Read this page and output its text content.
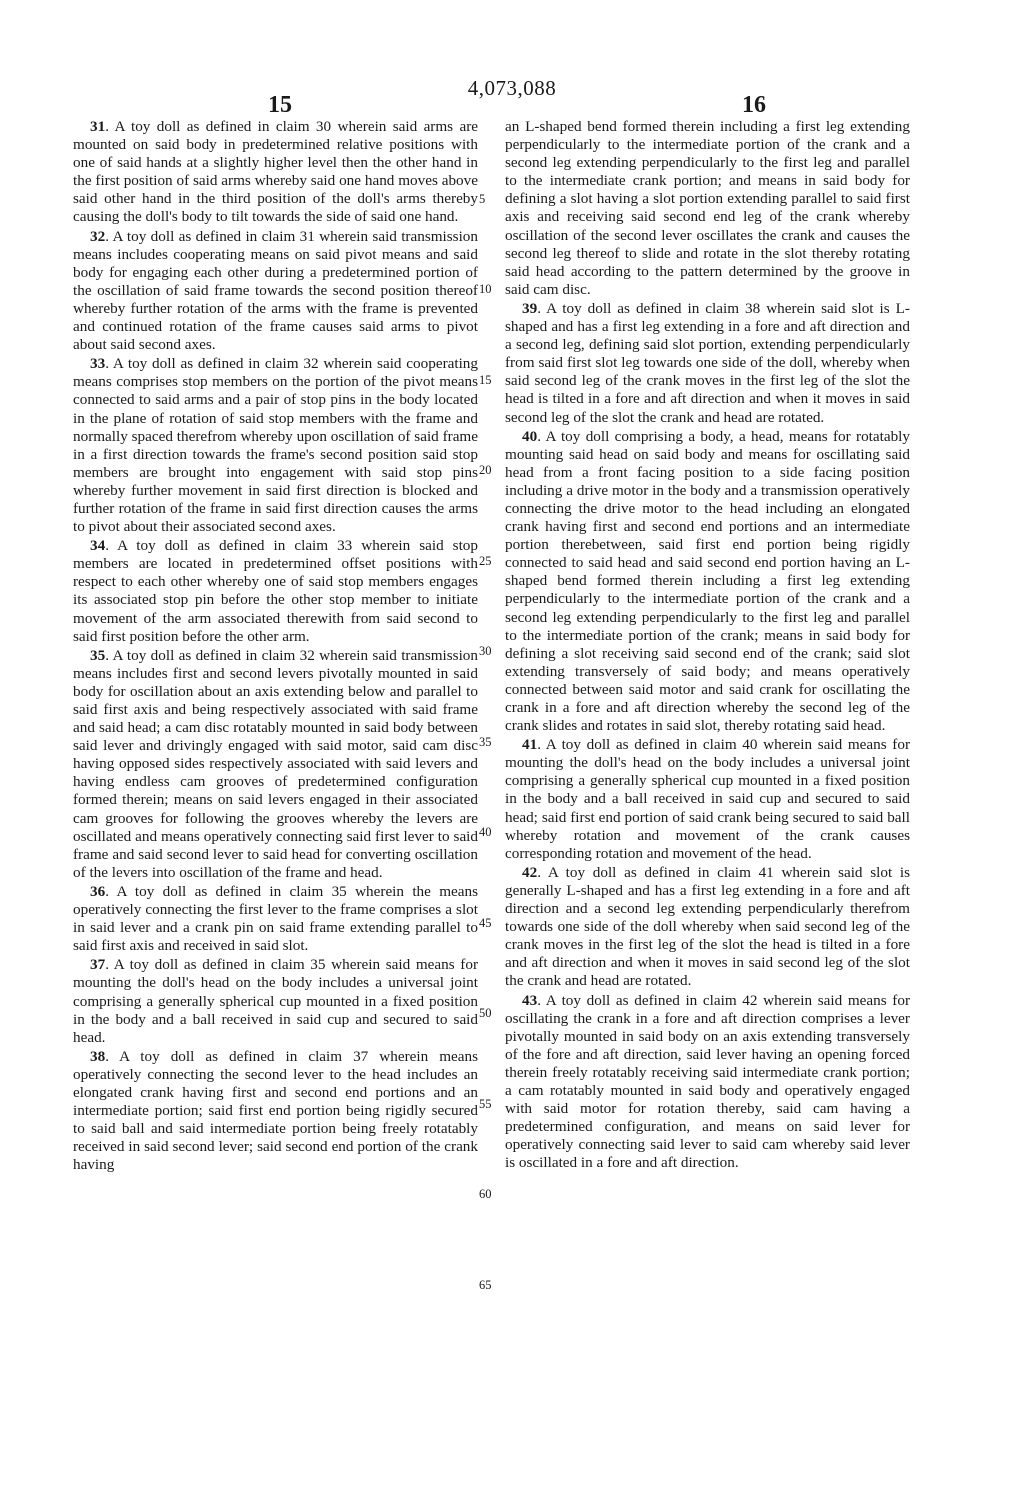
4,073,088
15	16

31. A toy doll as defined in claim 30 wherein said arms are mounted on said body in predetermined relative positions with one of said hands at a slightly higher level then the other hand in the first position of said arms whereby said one hand moves above said other hand in the third position of the doll's arms thereby causing the doll's body to tilt towards the side of said one hand.

32. A toy doll as defined in claim 31 wherein said transmission means includes cooperating means on said pivot means and said body for engaging each other during a predetermined portion of the oscillation of said frame towards the second position thereof whereby further rotation of the arms with the frame is prevented and continued rotation of the frame causes said arms to pivot about said second axes.

33. A toy doll as defined in claim 32 wherein said cooperating means comprises stop members on the portion of the pivot means connected to said arms and a pair of stop pins in the body located in the plane of rotation of said stop members with the frame and normally spaced therefrom whereby upon oscillation of said frame in a first direction towards the frame's second position said stop members are brought into engagement with said stop pins whereby further movement in said first direction is blocked and further rotation of the frame in said first direction causes the arms to pivot about their associated second axes.

34. A toy doll as defined in claim 33 wherein said stop members are located in predetermined offset positions with respect to each other whereby one of said stop members engages its associated stop pin before the other stop member to initiate movement of the arm associated therewith from said second to said first position before the other arm.

35. A toy doll as defined in claim 32 wherein said transmission means includes first and second levers pivotally mounted in said body for oscillation about an axis extending below and parallel to said first axis and being respectively associated with said frame and said head; a cam disc rotatably mounted in said body between said lever and drivingly engaged with said motor, said cam disc having opposed sides respectively associated with said levers and having endless cam grooves of predetermined configuration formed therein; means on said levers engaged in their associated cam grooves for following the grooves whereby the levers are oscillated and means operatively connecting said first lever to said frame and said second lever to said head for converting oscillation of the levers into oscillation of the frame and head.

36. A toy doll as defined in claim 35 wherein the means operatively connecting the first lever to the frame comprises a slot in said lever and a crank pin on said frame extending parallel to said first axis and received in said slot.

37. A toy doll as defined in claim 35 wherein said means for mounting the doll's head on the body includes a universal joint comprising a generally spherical cup mounted in a fixed position in the body and a ball received in said cup and secured to said head.

38. A toy doll as defined in claim 37 wherein means operatively connecting the second lever to the head includes an elongated crank having first and second end portions and an intermediate portion; said first end portion being rigidly secured to said ball and said intermediate portion being freely rotatably received in said second lever; said second end portion of the crank having

5
10
15
20
25
30
35
40
45
50
55
60
65

an L-shaped bend formed therein including a first leg extending perpendicularly to the intermediate portion of the crank and a second leg extending perpendicularly to the first leg and parallel to the intermediate crank portion; and means in said body for defining a slot having a slot portion extending parallel to said first axis and receiving said second end leg of the crank whereby oscillation of the second lever oscillates the crank and causes the second leg thereof to slide and rotate in the slot thereby rotating said head according to the pattern determined by the groove in said cam disc.

39. A toy doll as defined in claim 38 wherein said slot is L-shaped and has a first leg extending in a fore and aft direction and a second leg, defining said slot portion, extending perpendicularly from said first slot leg towards one side of the doll, whereby when said second leg of the crank moves in the first leg of the slot the head is tilted in a fore and aft direction and when it moves in said second leg of the slot the crank and head are rotated.

40. A toy doll comprising a body, a head, means for rotatably mounting said head on said body and means for oscillating said head from a front facing position to a side facing position including a drive motor in the body and a transmission operatively connecting the drive motor to the head including an elongated crank having first and second end portions and an intermediate portion therebetween, said first end portion being rigidly connected to said head and said second end portion having an L-shaped bend formed therein including a first leg extending perpendicularly to the intermediate portion of the crank and a second leg extending perpendicularly to the first leg and parallel to the intermediate portion of the crank; means in said body for defining a slot receiving said second end of the crank; said slot extending transversely of said body; and means operatively connected between said motor and said crank for oscillating the crank in a fore and aft direction whereby the second leg of the crank slides and rotates in said slot, thereby rotating said head.

41. A toy doll as defined in claim 40 wherein said means for mounting the doll's head on the body includes a universal joint comprising a generally spherical cup mounted in a fixed position in the body and a ball received in said cup and secured to said head; said first end portion of said crank being secured to said ball whereby rotation and movement of the crank causes corresponding rotation and movement of the head.

42. A toy doll as defined in claim 41 wherein said slot is generally L-shaped and has a first leg extending in a fore and aft direction and a second leg extending perpendicularly therefrom towards one side of the doll whereby when said second leg of the crank moves in the first leg of the slot the head is tilted in a fore and aft direction and when it moves in said second leg of the slot the crank and head are rotated.

43. A toy doll as defined in claim 42 wherein said means for oscillating the crank in a fore and aft direction comprises a lever pivotally mounted in said body on an axis extending transversely of the fore and aft direction, said lever having an opening forced therein freely rotatably receiving said intermediate crank portion; a cam rotatably mounted in said body and operatively engaged with said motor for rotation thereby, said cam having a predetermined configuration, and means on said lever for operatively connecting said lever to said cam whereby said lever is oscillated in a fore and aft direction.
